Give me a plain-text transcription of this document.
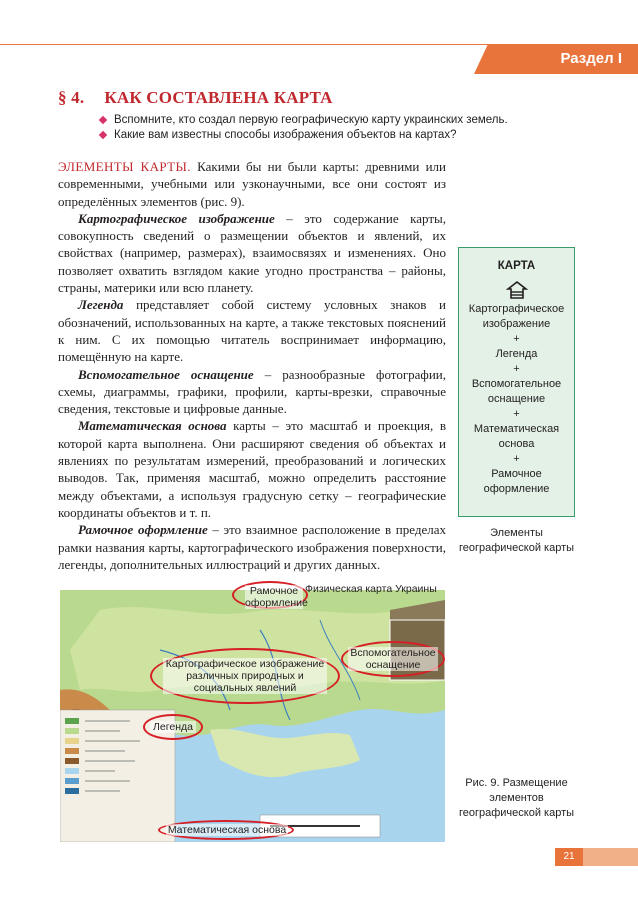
Раздел I
§ 4. КАК СОСТАВЛЕНА КАРТА
Вспомните, кто создал первую географическую карту украинских земель.
Какие вам известны способы изображения объектов на картах?

ЭЛЕМЕНТЫ КАРТЫ. Какими бы ни были карты: древними или современными, учебными или узконаучными, все они состоят из определённых элементов (рис. 9).

Картографическое изображение – это содержание карты, совокупность сведений о размещении объектов и явлений, их свойствах (например, размерах), взаимосвязях и изменениях. Оно позволяет охватить взглядом какие угодно пространства – районы, страны, материки или всю планету.

Легенда представляет собой систему условных знаков и обозначений, использованных на карте, а также текстовых пояснений к ним. С их помощью читатель воспринимает информацию, помещённую на карте.

Вспомогательное оснащение – разнообразные фотографии, схемы, диаграммы, графики, профили, карты-врезки, справочные сведения, текстовые и цифровые данные.

Математическая основа карты – это масштаб и проекция, в которой карта выполнена. Они расширяют сведения об объектах и явлениях по результатам измерений, преобразований и логических выводов. Так, применяя масштаб, можно определить расстояние между объектами, а используя градусную сетку – географические координаты объектов и т. п.

Рамочное оформление – это взаимное расположение в пределах рамки названия карты, картографического изображения поверхности, легенды, дополнительных иллюстраций и других данных.

КАРТА
Картографическое изображение
+
Легенда
+
Вспомогательное оснащение
+
Математическая основа
+
Рамочное оформление
Элементы географической карты
Физическая карта Украины
Рамочное оформление
Вспомогательное оснащение
Картографическое изображение различных природных и социальных явлений
Легенда
Математическая основа
Рис. 9. Размещение элементов географической карты
21
